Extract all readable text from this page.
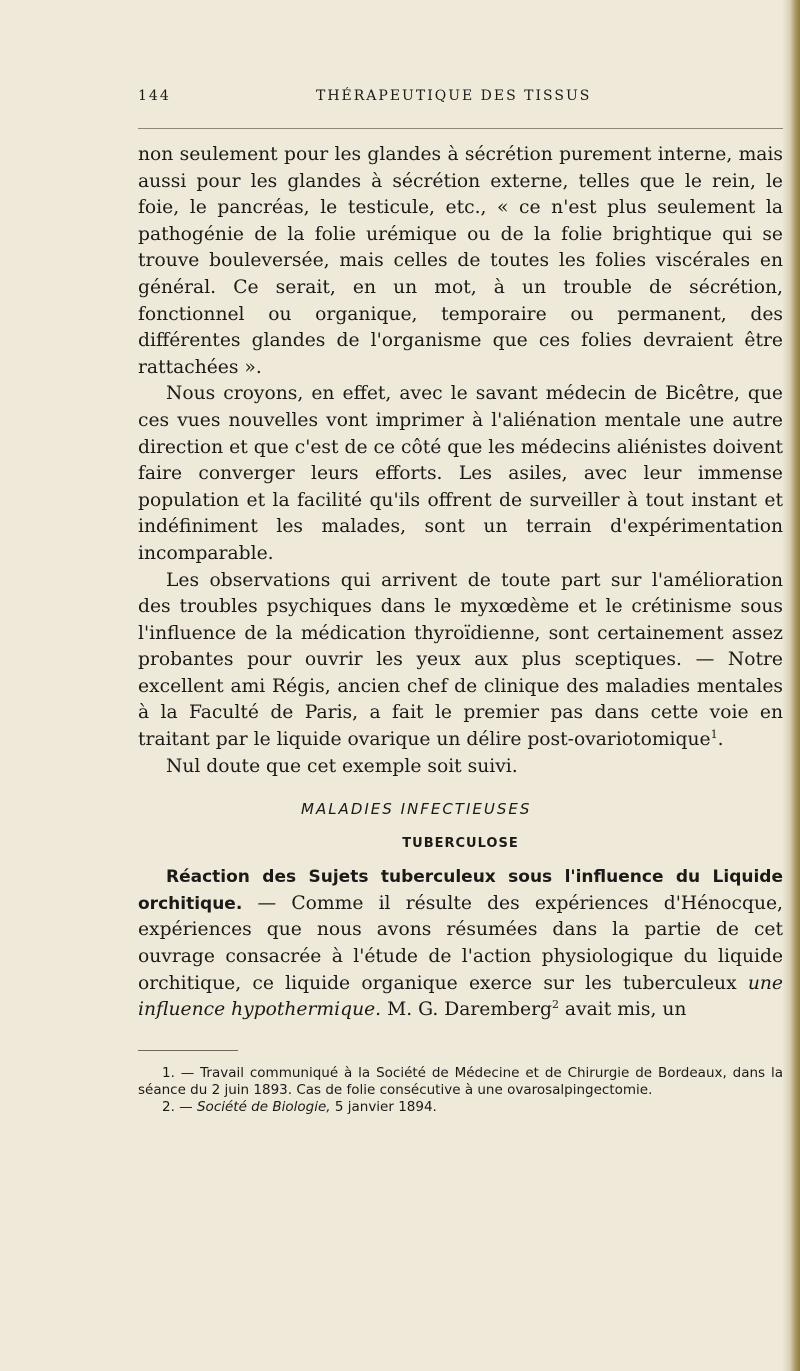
144	THÉRAPEUTIQUE DES TISSUS

non seulement pour les glandes à sécrétion purement interne, mais aussi pour les glandes à sécrétion externe, telles que le rein, le foie, le pancréas, le testicule, etc., « ce n'est plus seulement la pathogénie de la folie urémique ou de la folie brightique qui se trouve bouleversée, mais celles de toutes les folies viscérales en général. Ce serait, en un mot, à un trouble de sécrétion, fonctionnel ou organique, temporaire ou permanent, des différentes glandes de l'organisme que ces folies devraient être rattachées ».

Nous croyons, en effet, avec le savant médecin de Bicêtre, que ces vues nouvelles vont imprimer à l'aliénation mentale une autre direction et que c'est de ce côté que les médecins aliénistes doivent faire converger leurs efforts. Les asiles, avec leur immense population et la facilité qu'ils offrent de surveiller à tout instant et indéfiniment les malades, sont un terrain d'expérimentation incomparable.

Les observations qui arrivent de toute part sur l'amélioration des troubles psychiques dans le myxœdème et le crétinisme sous l'influence de la médication thyroïdienne, sont certainement assez probantes pour ouvrir les yeux aux plus sceptiques. — Notre excellent ami Régis, ancien chef de clinique des maladies mentales à la Faculté de Paris, a fait le premier pas dans cette voie en traitant par le liquide ovarique un délire post-ovariotomique$^1$.

Nul doute que cet exemple soit suivi.

MALADIES INFECTIEUSES
TUBERCULOSE

Réaction des Sujets tuberculeux sous l'influence du Liquide orchitique. — Comme il résulte des expériences d'Hénocque, expériences que nous avons résumées dans la partie de cet ouvrage consacrée à l'étude de l'action physiologique du liquide orchitique, ce liquide organique exerce sur les tuberculeux une influence hypothermique. M. G. Daremberg$^2$ avait mis, un

1. — Travail communiqué à la Société de Médecine et de Chirurgie de Bordeaux, dans la séance du 2 juin 1893. Cas de folie consécutive à une ovarosalpingectomie.

2. — Société de Biologie, 5 janvier 1894.
